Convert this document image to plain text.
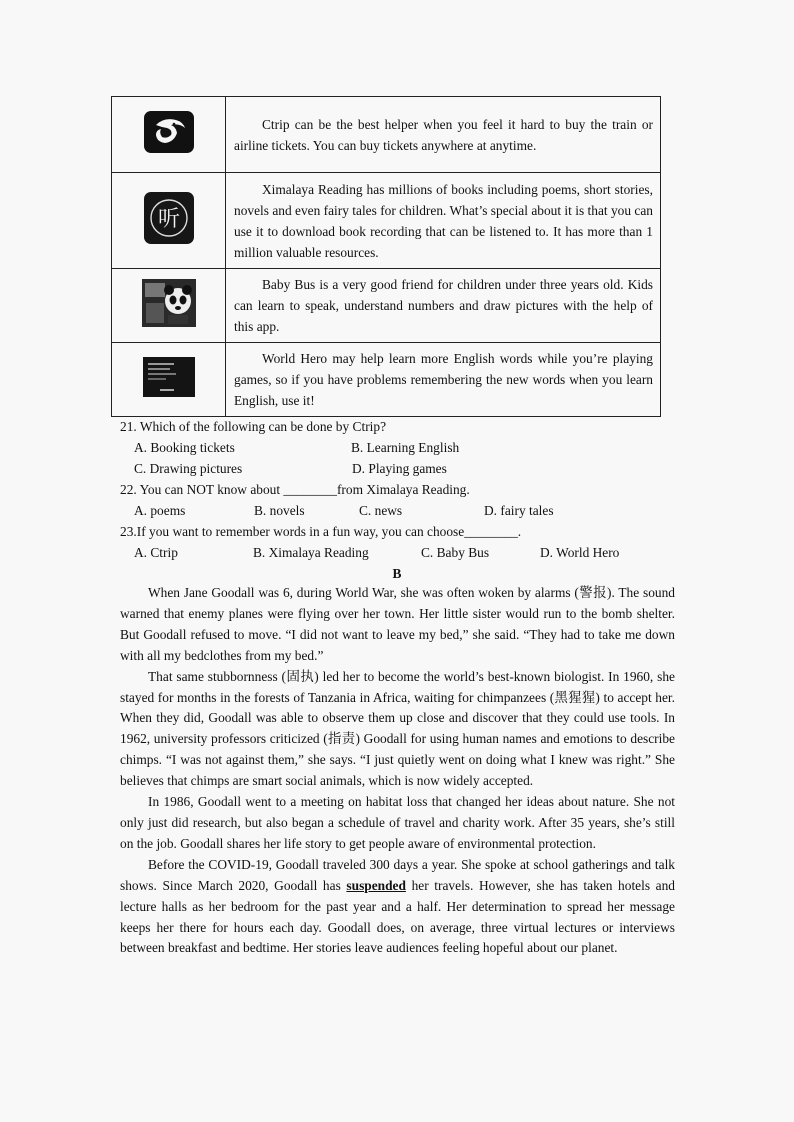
Ctrip can be the best helper when you feel it hard to buy the train or airline tickets. You can buy tickets anywhere at anytime.

听	Ximalaya Reading has millions of books including poems, short stories, novels and even fairy tales for children. What’s special about it is that you can use it to download book recording that can be listened to. It has more than 1 million valuable resources.

Baby Bus is a very good friend for children under three years old. Kids can learn to speak, understand numbers and draw pictures with the help of this app.

World Hero may help learn more English words while you’re playing games, so if you have problems remembering the new words when you learn English, use it!

21. Which of the following can be done by Ctrip?

A. Booking tickets	B. Learning English
C. Drawing pictures	D. Playing games

22. You can NOT know about ________from Ximalaya Reading.

A. poems	B. novels	C. news	D. fairy tales

23.If you want to remember words in a fun way, you can choose________.

A. Ctrip	B. Ximalaya Reading	C. Baby Bus	D. World Hero
B

When Jane Goodall was 6, during World War, she was often woken by alarms (警报). The sound warned that enemy planes were flying over her town. Her little sister would run to the bomb shelter. But Goodall refused to move. “I did not want to leave my bed,” she said. “They had to take me down with all my bedclothes from my bed.”

That same stubbornness (固执) led her to become the world’s best-known biologist. In 1960, she stayed for months in the forests of Tanzania in Africa, waiting for chimpanzees (黑猩猩) to accept her. When they did, Goodall was able to observe them up close and discover that they could use tools. In 1962, university professors criticized (指责) Goodall for using human names and emotions to describe chimps. “I was not against them,” she says. “I just quietly went on doing what I knew was right.” She believes that chimps are smart social animals, which is now widely accepted.

In 1986, Goodall went to a meeting on habitat loss that changed her ideas about nature. She not only just did research, but also began a schedule of travel and charity work. After 35 years, she’s still on the job. Goodall shares her life story to get people aware of environmental protection.

Before the COVID-19, Goodall traveled 300 days a year. She spoke at school gatherings and talk shows. Since March 2020, Goodall has suspended her travels. However, she has taken hotels and lecture halls as her bedroom for the past year and a half. Her determination to spread her message keeps her there for hours each day. Goodall does, on average, three virtual lectures or interviews between breakfast and bedtime. Her stories leave audiences feeling hopeful about our planet.
